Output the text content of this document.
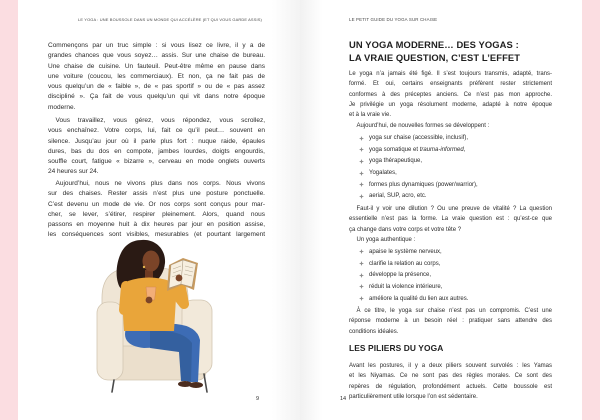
LE YOGA : UNE BOUSSOLE DANS UN MONDE QUI ACCÉLÈRE (ET QUI VOUS GARDE ASSIS)
Commençons par un truc simple : si vous lisez ce livre, il y a de
grandes chances que vous soyez… assis. Sur une chaise de bureau.
Une chaise de cuisine. Un fauteuil. Peut-être même en pause dans
une voiture (coucou, les commerciaux). Et non, ça ne fait pas de
vous quelqu’un de « faible », de « pas sportif » ou de « pas assez
discipliné ». Ça fait de vous quelqu’un qui vit dans notre époque
moderne.
Vous travaillez, vous gérez, vous répondez, vous scrollez,
vous enchaînez. Votre corps, lui, fait ce qu’il peut… souvent en
silence. Jusqu’au jour où il parle plus fort : nuque raide, épaules
dures, bas du dos en compote, jambes lourdes, doigts engourdis,
souffle court, fatigue « bizarre », cerveau en mode onglets ouverts
24 heures sur 24.
Aujourd’hui, nous ne vivons plus dans nos corps. Nous vivons
sur des chaises. Rester assis n’est plus une posture ponctuelle.
C’est devenu un mode de vie. Or nos corps sont conçus pour mar-
cher, se lever, s’étirer, respirer pleinement. Alors, quand nous
passons en moyenne huit à dix heures par jour en position assise,
les conséquences sont visibles, mesurables (et pourtant largement
9
LE PETIT GUIDE DU YOGA SUR CHAISE
UN YOGA MODERNE… DES YOGAS :
LA VRAIE QUESTION, C’EST L’EFFET
Le yoga n’a jamais été figé. Il s’est toujours transmis, adapté, trans-
formé. Et oui, certains enseignants préfèrent rester strictement
conformes à des préceptes anciens. Ce n’est pas mon approche.
Je privilégie un yoga résolument moderne, adapté à notre époque
et à la vraie vie.
Aujourd’hui, de nouvelles formes se développent :
yoga sur chaise (accessible, inclusif),
yoga somatique et trauma-informed,
yoga thérapeutique,
Yogalates,
formes plus dynamiques (power/warrior),
aerial, SUP, acro, etc.
Faut-il y voir une dilution ? Ou une preuve de vitalité ? La question
essentielle n’est pas la forme. La vraie question est : qu’est-ce que
ça change dans votre corps et votre tête ?
Un yoga authentique :
apaise le système nerveux,
clarifie la relation au corps,
développe la présence,
réduit la violence intérieure,
améliore la qualité du lien aux autres.
À ce titre, le yoga sur chaise n’est pas un compromis. C’est une
réponse moderne à un besoin réel : pratiquer sans attendre des
conditions idéales.
Avant les postures, il y a deux piliers souvent survolés : les Yamas
et les Niyamas. Ce ne sont pas des règles morales. Ce sont des
repères de régulation, profondément actuels. Cette boussole est
particulièrement utile lorsque l’on est sédentaire.
LES PILIERS DU YOGA
14
